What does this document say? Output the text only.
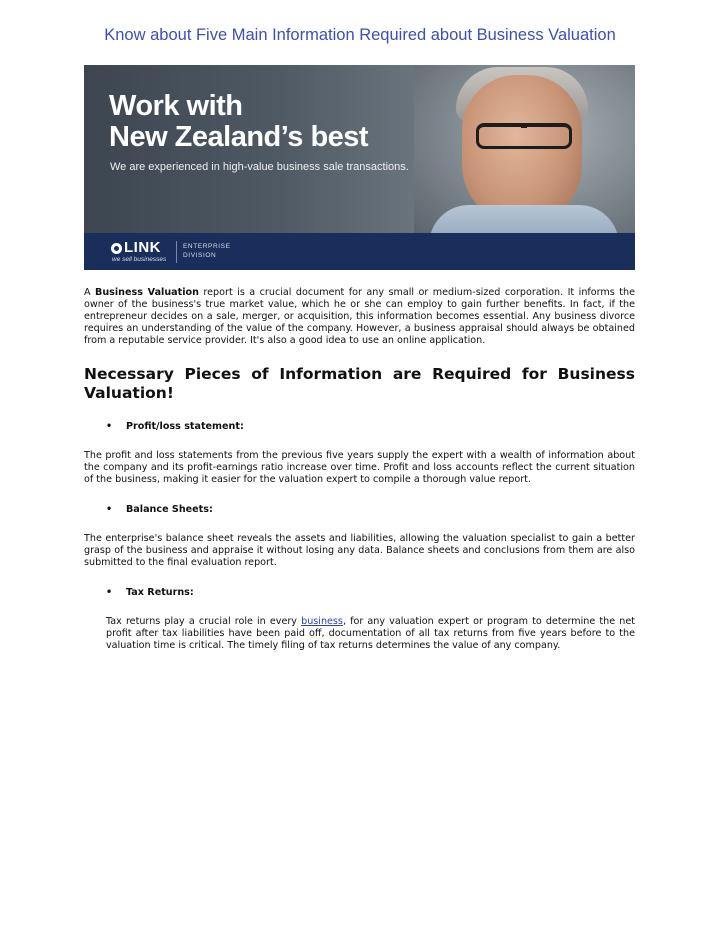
Know about Five Main Information Required about Business Valuation
Work with
New Zealand’s best
We are experienced in high-value business sale transactions.
LINK
we sell businesses
ENTERPRISE
DIVISION

A Business Valuation report is a crucial document for any small or medium-sized corporation. It informs the owner of the business's true market value, which he or she can employ to gain further benefits. In fact, if the entrepreneur decides on a sale, merger, or acquisition, this information becomes essential. Any business divorce requires an understanding of the value of the company. However, a business appraisal should always be obtained from a reputable service provider. It's also a good idea to use an online application.

Necessary Pieces of Information are Required for Business Valuation!
• Profit/loss statement:

The profit and loss statements from the previous five years supply the expert with a wealth of information about the company and its profit-earnings ratio increase over time. Profit and loss accounts reflect the current situation of the business, making it easier for the valuation expert to compile a thorough value report.

• Balance Sheets:

The enterprise's balance sheet reveals the assets and liabilities, allowing the valuation specialist to gain a better grasp of the business and appraise it without losing any data. Balance sheets and conclusions from them are also submitted to the final evaluation report.

• Tax Returns:

Tax returns play a crucial role in every business, for any valuation expert or program to determine the net profit after tax liabilities have been paid off, documentation of all tax returns from five years before to the valuation time is critical. The timely filing of tax returns determines the value of any company.
